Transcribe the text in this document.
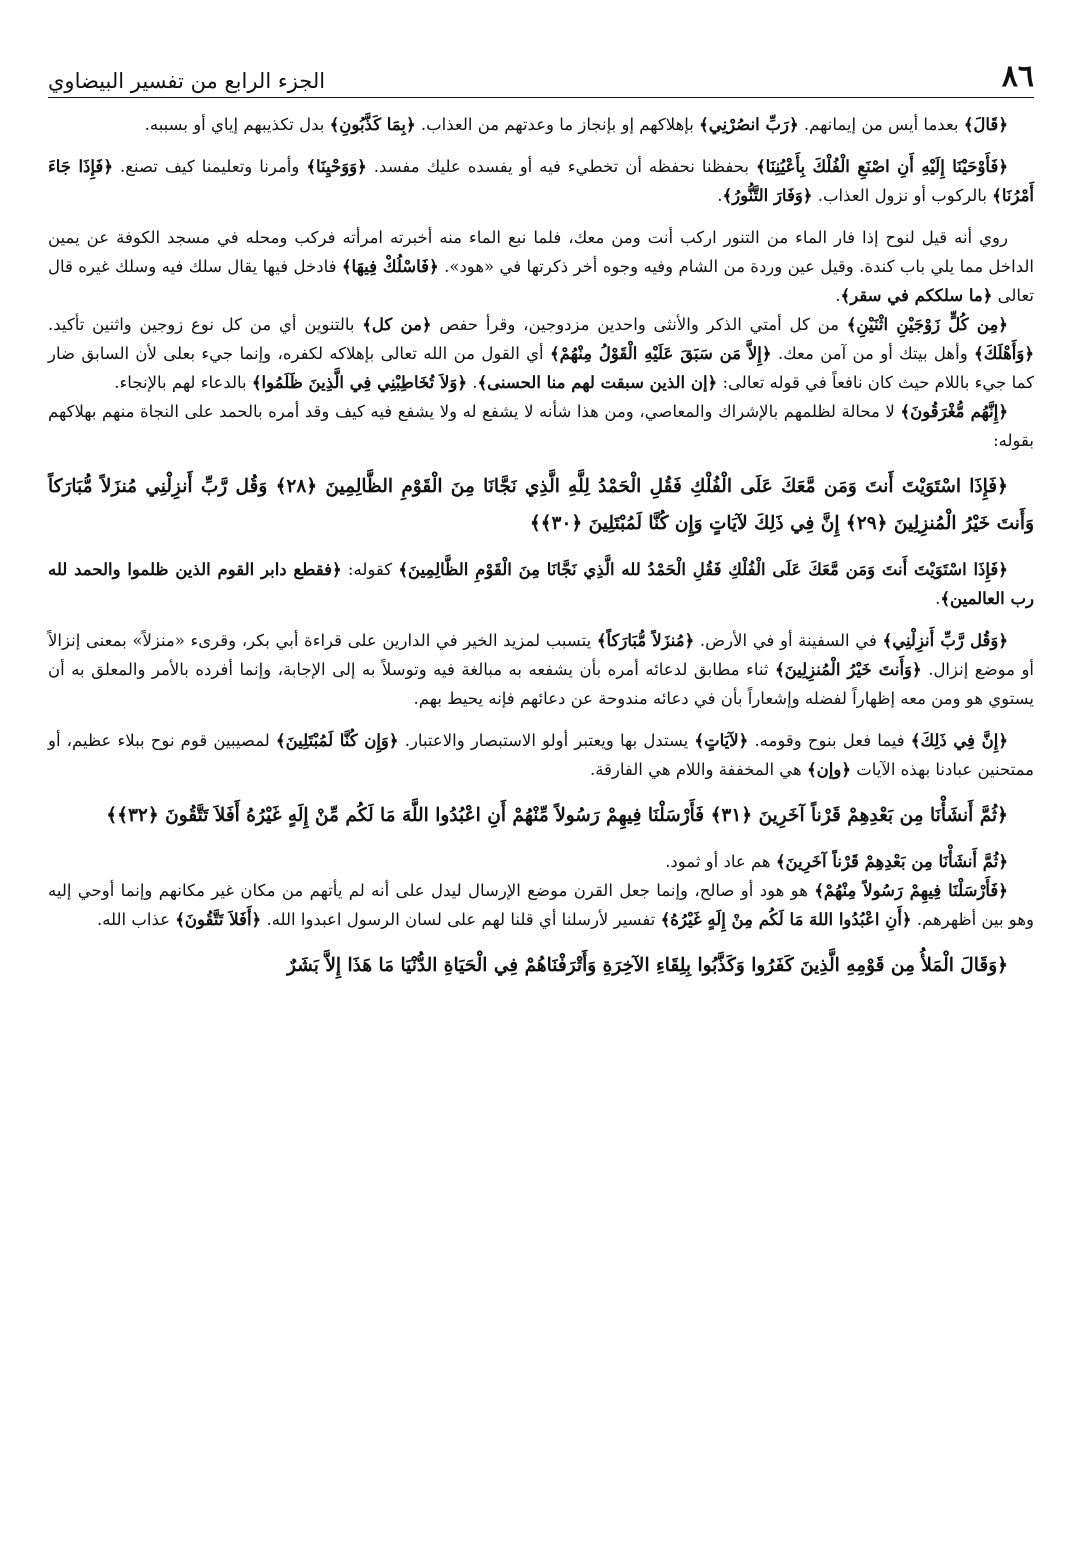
٨٦
الجزء الرابع من تفسير البيضاوي

﴿قَالَ﴾ بعدما أيس من إيمانهم. ﴿رَبِّ انصُرْنِي﴾ بإهلاكهم إو بإنجاز ما وعدتهم من العذاب. ﴿بِمَا كَذَّبُونِ﴾ بدل تكذيبهم إياي أو بسببه.

﴿فَأَوْحَيْنَا إِلَيْهِ أَنِ اصْنَعِ الْفُلْكَ بِأَعْيُنِنَا﴾ بحفظنا نحفظه أن تخطيء فيه أو يفسده عليك مفسد. ﴿وَوَحْيِنَا﴾ وأمرنا وتعليمنا كيف تصنع. ﴿فَإِذَا جَاءَ أَمْرُنَا﴾ بالركوب أو نزول العذاب. ﴿وَفَارَ التَّنُّورُ﴾.

روي أنه قيل لنوح إذا فار الماء من التنور اركب أنت ومن معك، فلما نبع الماء منه أخبرته امرأته فركب ومحله في مسجد الكوفة عن يمين الداخل مما يلي باب كندة. وقيل عين وردة من الشام وفيه وجوه أخر ذكرتها في «هود». ﴿فَاسْلُكْ فِيهَا﴾ فادخل فيها يقال سلك فيه وسلك غيره قال تعالى ﴿ما سلككم في سقر﴾.

﴿مِن كُلٍّ زَوْجَيْنِ اثْنَيْنِ﴾ من كل أمتي الذكر والأنثى واحدين مزدوجين، وقرأ حفص ﴿من كل﴾ بالتنوين أي من كل نوع زوجين واثنين تأكيد. ﴿وَأَهْلَكَ﴾ وأهل بيتك أو من آمن معك. ﴿إِلاَّ مَن سَبَقَ عَلَيْهِ الْقَوْلُ مِنْهُمْ﴾ أي القول من الله تعالى بإهلاكه لكفره، وإنما جيء بعلى لأن السابق ضار كما جيء باللام حيث كان نافعاً في قوله تعالى: ﴿إن الذين سبقت لهم منا الحسنى﴾. ﴿وَلاَ تُخَاطِبْنِي فِي الَّذِينَ ظَلَمُوا﴾ بالدعاء لهم بالإنجاء.

﴿إِنَّهُم مُّغْرَقُونَ﴾ لا محالة لظلمهم بالإشراك والمعاصي، ومن هذا شأنه لا يشفع له ولا يشفع فيه كيف وقد أمره بالحمد على النجاة منهم بهلاكهم بقوله:

﴿فَإِذَا اسْتَوَيْتَ أَنتَ وَمَن مَّعَكَ عَلَى الْفُلْكِ فَقُلِ الْحَمْدُ لِلَّهِ الَّذِي نَجَّانَا مِنَ الْقَوْمِ الظَّالِمِينَ ﴿٢٨﴾ وَقُل رَّبِّ أَنزِلْنِي مُنزَلاً مُّبَارَكاً وَأَنتَ خَيْرُ الْمُنزِلِينَ ﴿٢٩﴾ إِنَّ فِي ذَلِكَ لآيَاتٍ وَإِن كُنَّا لَمُبْتَلِينَ ﴿٣٠﴾﴾

﴿فَإِذَا اسْتَوَيْتَ أَنتَ وَمَن مَّعَكَ عَلَى الْفُلْكِ فَقُلِ الْحَمْدُ لله الَّذِي نَجَّانَا مِنَ الْقَوْمِ الظَّالِمِينَ﴾ كقوله: ﴿فقطع دابر القوم الذين ظلموا والحمد لله رب العالمين﴾.

﴿وَقُل رَّبِّ أَنزِلْنِي﴾ في السفينة أو في الأرض. ﴿مُنزَلاً مُّبَارَكاً﴾ يتسبب لمزيد الخير في الدارين على قراءة أبي بكر، وقرىء «منزلاً» بمعنى إنزالاً أو موضع إنزال. ﴿وَأَنتَ خَيْرُ الْمُنزِلِينَ﴾ ثناء مطابق لدعائه أمره بأن يشفعه به مبالغة فيه وتوسلاً به إلى الإجابة، وإنما أفرده بالأمر والمعلق به أن يستوي هو ومن معه إظهاراً لفضله وإشعاراً بأن في دعائه مندوحة عن دعائهم فإنه يحيط بهم.

﴿إِنَّ فِي ذَلِكَ﴾ فيما فعل بنوح وقومه. ﴿لآيَاتٍ﴾ يستدل بها ويعتبر أولو الاستبصار والاعتبار. ﴿وَإِن كُنَّا لَمُبْتَلِينَ﴾ لمصيبين قوم نوح ببلاء عظيم، أو ممتحنين عبادنا بهذه الآيات ﴿وإن﴾ هي المخففة واللام هي الفارقة.

﴿ثُمَّ أَنشَأْنَا مِن بَعْدِهِمْ قَرْناً آخَرِينَ ﴿٣١﴾ فَأَرْسَلْنَا فِيهِمْ رَسُولاً مِّنْهُمْ أَنِ اعْبُدُوا اللَّهَ مَا لَكُم مِّنْ إِلَهٍ غَيْرُهُ أَفَلاَ تَتَّقُونَ ﴿٣٢﴾﴾

﴿ثُمَّ أَنشَأْنَا مِن بَعْدِهِمْ قَرْناً آخَرِينَ﴾ هم عاد أو ثمود.

﴿فَأَرْسَلْنَا فِيهِمْ رَسُولاً مِنْهُمْ﴾ هو هود أو صالح، وإنما جعل القرن موضع الإرسال ليدل على أنه لم يأتهم من مكان غير مكانهم وإنما أوحي إليه وهو بين أظهرهم. ﴿أَنِ اعْبُدُوا اللهَ مَا لَكُم مِنْ إِلَهٍ غَيْرُهُ﴾ تفسير لأرسلنا أي قلنا لهم على لسان الرسول اعبدوا الله. ﴿أَفَلاَ تَتَّقُونَ﴾ عذاب الله.

﴿وَقَالَ الْمَلأُ مِن قَوْمِهِ الَّذِينَ كَفَرُوا وَكَذَّبُوا بِلِقَاءِ الآخِرَةِ وَأَتْرَفْنَاهُمْ فِي الْحَيَاةِ الدُّنْيَا مَا هَذَا إِلاَّ بَشَرٌ
